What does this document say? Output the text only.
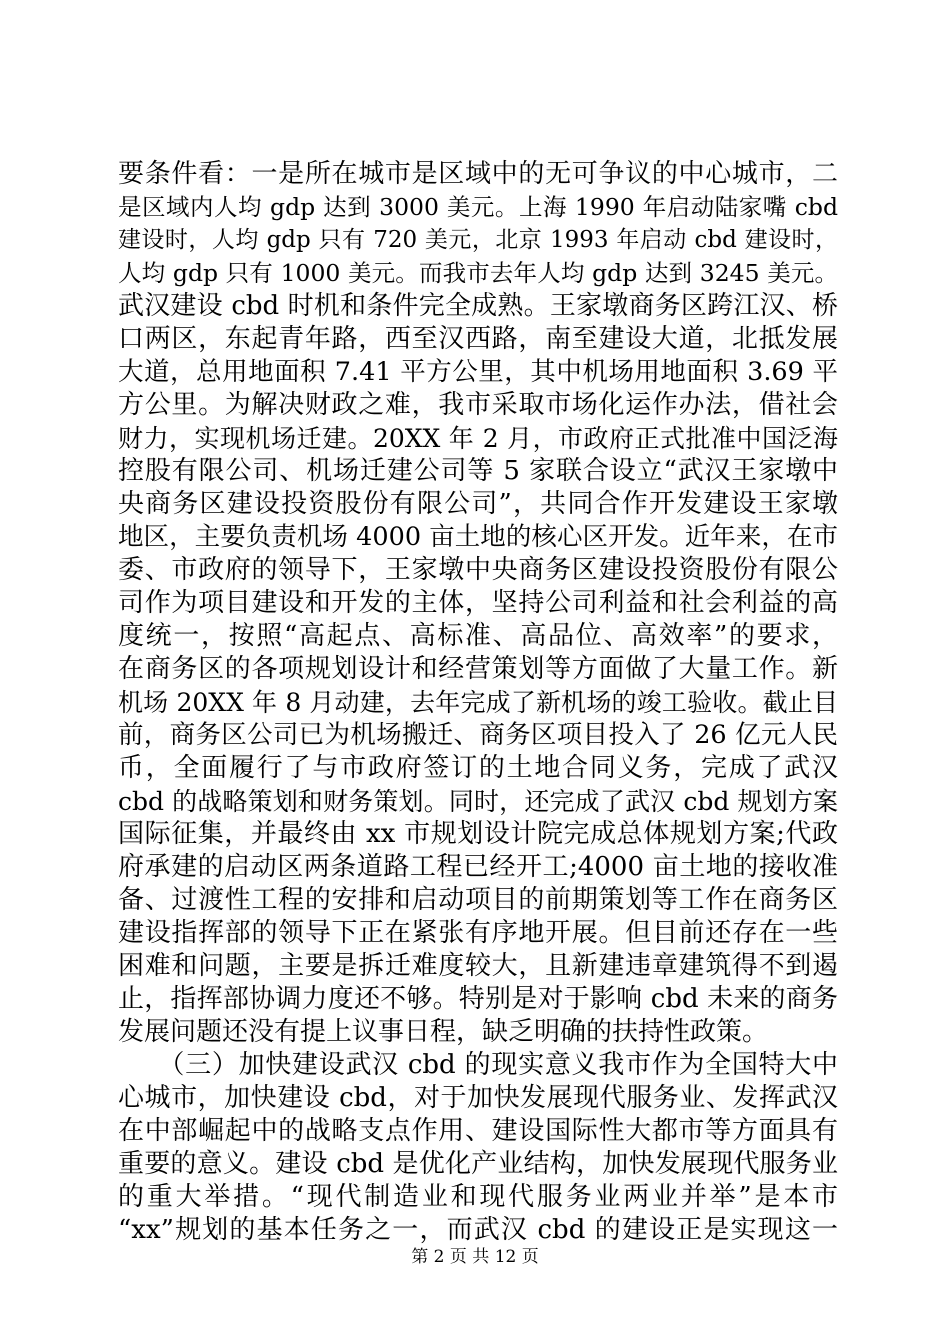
要条件看：一是所在城市是区域中的无可争议的中心城市，二
是区域内人均 gdp 达到 3000 美元。上海 1990 年启动陆家嘴 cbd
建设时，人均 gdp 只有 720 美元，北京 1993 年启动 cbd 建设时，
人均 gdp 只有 1000 美元。而我市去年人均 gdp 达到 3245 美元。
武汉建设 cbd 时机和条件完全成熟。王家墩商务区跨江汉、桥
口两区，东起青年路，西至汉西路，南至建设大道，北抵发展
大道，总用地面积 7.41 平方公里，其中机场用地面积 3.69 平
方公里。为解决财政之难，我市采取市场化运作办法，借社会
财力，实现机场迁建。20XX 年 2 月，市政府正式批准中国泛海
控股有限公司、机场迁建公司等 5 家联合设立“武汉王家墩中
央商务区建设投资股份有限公司”，共同合作开发建设王家墩
地区，主要负责机场 4000 亩土地的核心区开发。近年来，在市
委、市政府的领导下，王家墩中央商务区建设投资股份有限公
司作为项目建设和开发的主体，坚持公司利益和社会利益的高
度统一，按照“高起点、高标准、高品位、高效率”的要求，
在商务区的各项规划设计和经营策划等方面做了大量工作。新
机场 20XX 年 8 月动建，去年完成了新机场的竣工验收。截止目
前，商务区公司已为机场搬迁、商务区项目投入了 26 亿元人民
币，全面履行了与市政府签订的土地合同义务，完成了武汉
cbd 的战略策划和财务策划。同时，还完成了武汉 cbd 规划方案
国际征集，并最终由 xx 市规划设计院完成总体规划方案;代政
府承建的启动区两条道路工程已经开工;4000 亩土地的接收准
备、过渡性工程的安排和启动项目的前期策划等工作在商务区
建设指挥部的领导下正在紧张有序地开展。但目前还存在一些
困难和问题，主要是拆迁难度较大，且新建违章建筑得不到遏
止，指挥部协调力度还不够。特别是对于影响 cbd 未来的商务
发展问题还没有提上议事日程，缺乏明确的扶持性政策。
　　（三）加快建设武汉 cbd 的现实意义我市作为全国特大中
心城市，加快建设 cbd，对于加快发展现代服务业、发挥武汉
在中部崛起中的战略支点作用、建设国际性大都市等方面具有
重要的意义。建设 cbd 是优化产业结构，加快发展现代服务业
的重大举措。“现代制造业和现代服务业两业并举”是本市
“xx”规划的基本任务之一，而武汉 cbd 的建设正是实现这一
第 2 页 共 12 页
